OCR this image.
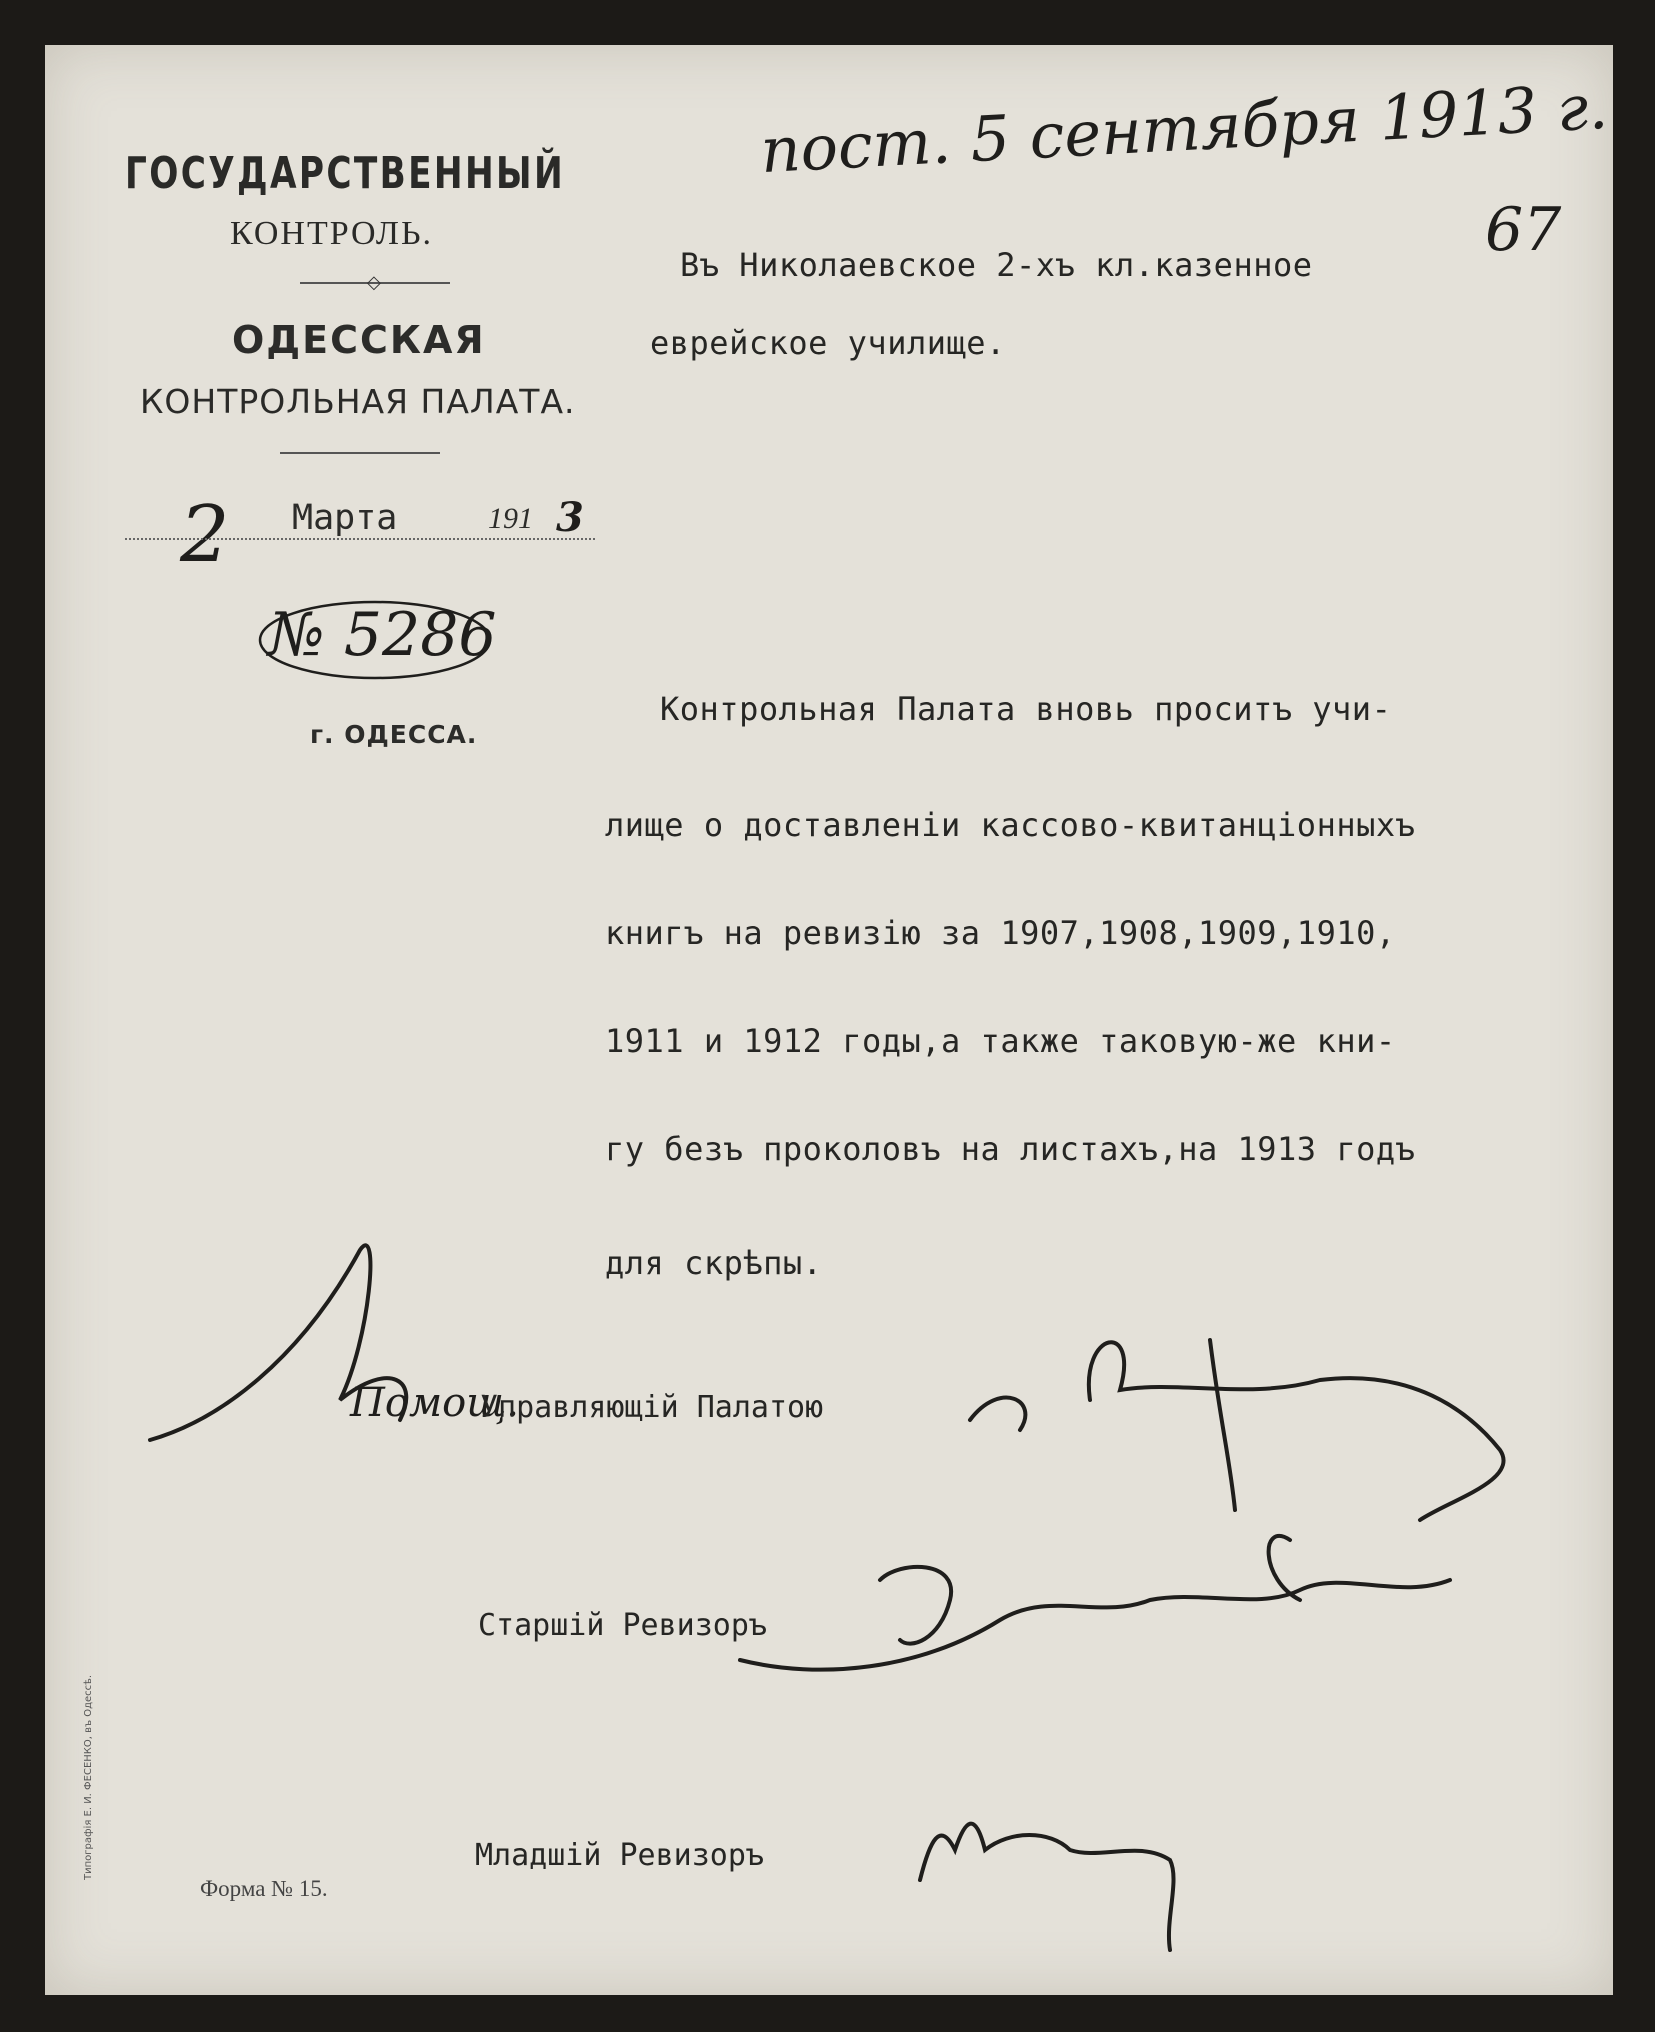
ГОСУДАРСТВЕННЫЙ
КОНТРОЛЬ.
◇
ОДЕССКАЯ
КОНТРОЛЬНАЯ ПАЛАТА.
2 Марта	191 3
№ 5286
г. ОДЕССА.
пост. 5 сентября 1913 г.
67
Въ Николаевское 2-хъ кл.казенное
еврейское училище.
Контрольная Палата вновь проситъ учи-
лище о доставленiи кассово-квитанцiонныхъ
книгъ на ревизiю за 1907,1908,1909,1910,
1911 и 1912 годы,а также таковую-же кни-
гу безъ проколовъ на листахъ,на 1913 годъ
для скрѣпы.
Помощ.
Управляющiй Палатою
Старшiй Ревизоръ
Младшiй Ревизоръ
Форма № 15.
Типографiя Е. И. ФЕСЕНКО, въ Одессѣ.
